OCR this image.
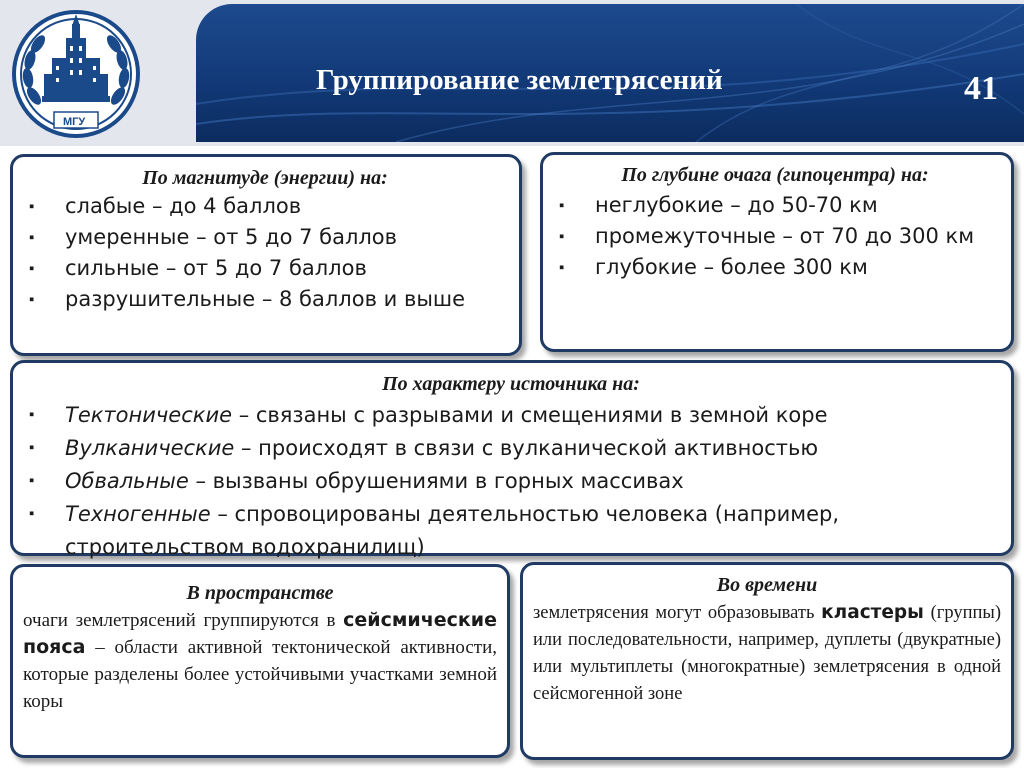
МГУ
Группирование землетрясений	41
По магнитуде (энергии) на:
▪ слабые – до 4 баллов
▪ умеренные – от 5 до 7 баллов
▪ сильные – от 5 до 7 баллов
▪ разрушительные – 8 баллов и выше
По глубине очага (гипоцентра) на:
▪ неглубокие – до 50-70 км
▪ промежуточные – от 70 до 300 км
▪ глубокие – более 300 км
По характеру источника на:
▪ Тектонические – связаны с разрывами и смещениями в земной коре
▪ Вулканические – происходят в связи с вулканической активностью
▪ Обвальные – вызваны обрушениями в горных массивах
▪ Техногенные – спровоцированы деятельностью человека (например, строительством водохранилищ)
В пространстве
очаги землетрясений группируются в сейсмические пояса – области активной тектонической активности, которые разделены более устойчивыми участками земной коры
Во времени
землетрясения могут образовывать кластеры (группы) или последовательности, например, дуплеты (двукратные) или мультиплеты (многократные) землетрясения в одной сейсмогенной зоне
